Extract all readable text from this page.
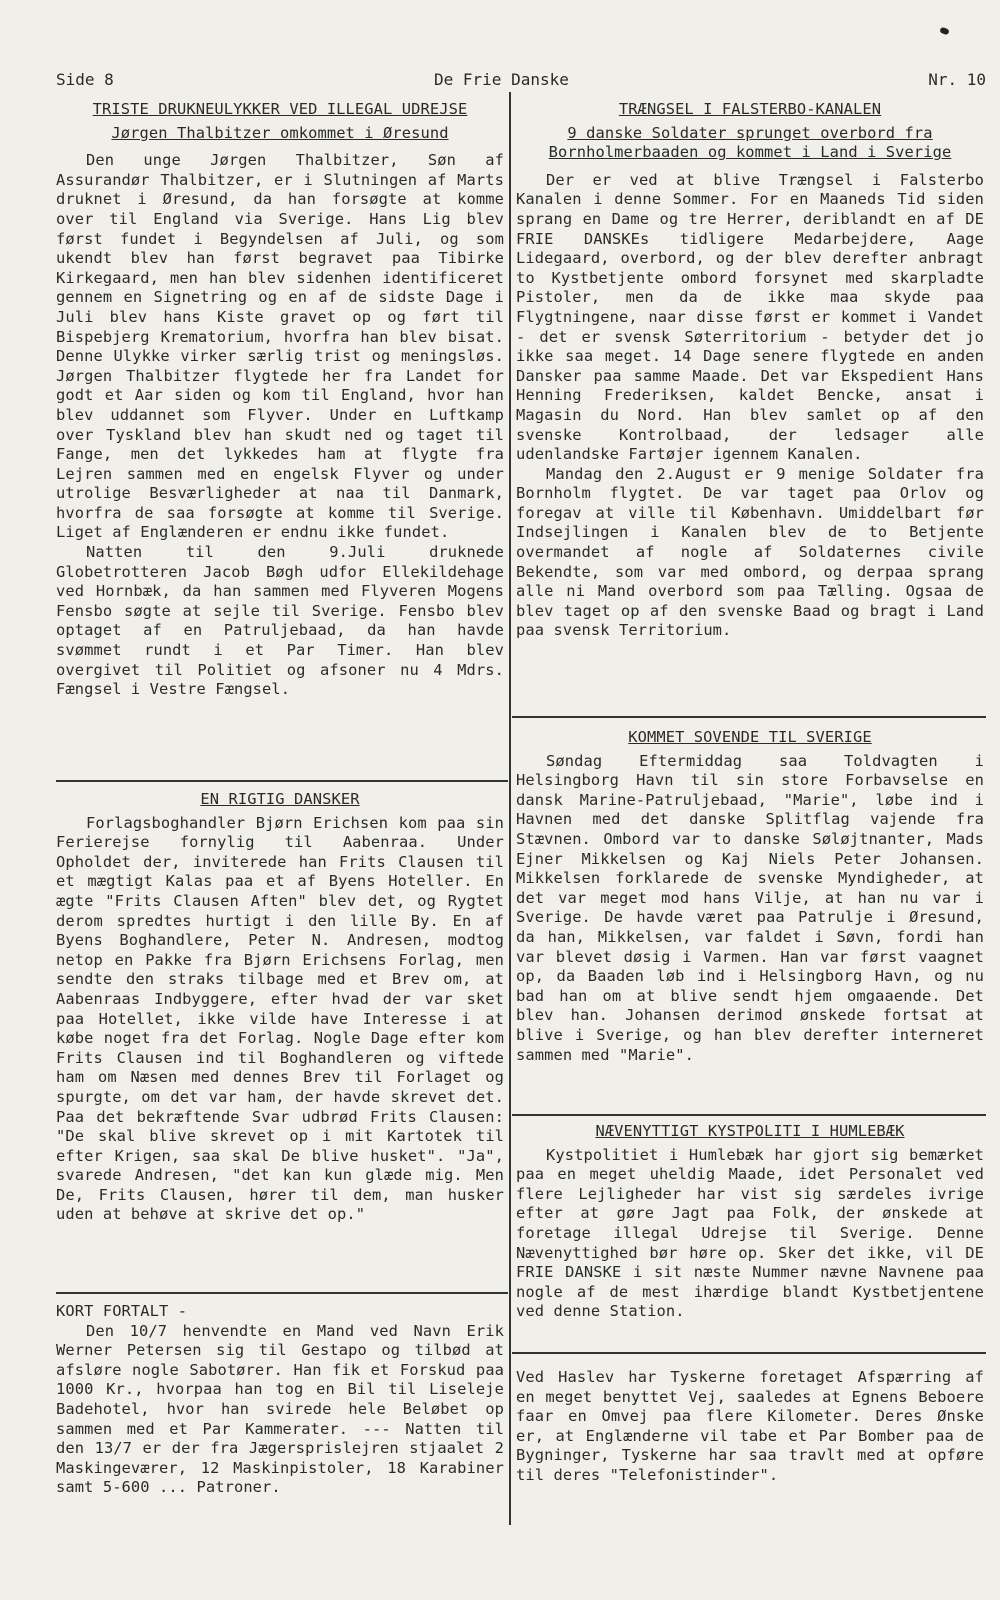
Side 8	De Frie Danske	Nr. 10
TRISTE DRUKNEULYKKER VED ILLEGAL UDREJSE
Jørgen Thalbitzer omkommet i Øresund

Den unge Jørgen Thalbitzer, Søn af Assurandør Thalbitzer, er i Slutningen af Marts druknet i Øresund, da han forsøgte at komme over til England via Sverige. Hans Lig blev først fundet i Begyndelsen af Juli, og som ukendt blev han først begravet paa Tibirke Kirkegaard, men han blev sidenhen identificeret gennem en Signetring og en af de sidste Dage i Juli blev hans Kiste gravet op og ført til Bispebjerg Krematorium, hvorfra han blev bisat. Denne Ulykke virker særlig trist og meningsløs. Jørgen Thalbitzer flygtede her fra Landet for godt et Aar siden og kom til England, hvor han blev uddannet som Flyver. Under en Luftkamp over Tyskland blev han skudt ned og taget til Fange, men det lykkedes ham at flygte fra Lejren sammen med en engelsk Flyver og under utrolige Besværligheder at naa til Danmark, hvorfra de saa forsøgte at komme til Sverige. Liget af Englænderen er endnu ikke fundet.

Natten til den 9.Juli druknede Globetrotteren Jacob Bøgh udfor Ellekildehage ved Hornbæk, da han sammen med Flyveren Mogens Fensbo søgte at sejle til Sverige. Fensbo blev optaget af en Patruljebaad, da han havde svømmet rundt i et Par Timer. Han blev overgivet til Politiet og afsoner nu 4 Mdrs. Fængsel i Vestre Fængsel.

EN RIGTIG DANSKER

Forlagsboghandler Bjørn Erichsen kom paa sin Ferierejse fornylig til Aabenraa. Under Opholdet der, inviterede han Frits Clausen til et mægtigt Kalas paa et af Byens Hoteller. En ægte "Frits Clausen Aften" blev det, og Rygtet derom spredtes hurtigt i den lille By. En af Byens Boghandlere, Peter N. Andresen, modtog netop en Pakke fra Bjørn Erichsens Forlag, men sendte den straks tilbage med et Brev om, at Aabenraas Indbyggere, efter hvad der var sket paa Hotellet, ikke vilde have Interesse i at købe noget fra det Forlag. Nogle Dage efter kom Frits Clausen ind til Boghandleren og viftede ham om Næsen med dennes Brev til Forlaget og spurgte, om det var ham, der havde skrevet det. Paa det bekræftende Svar udbrød Frits Clausen: "De skal blive skrevet op i mit Kartotek til efter Krigen, saa skal De blive husket". "Ja", svarede Andresen, "det kan kun glæde mig. Men De, Frits Clausen, hører til dem, man husker uden at behøve at skrive det op."

KORT FORTALT -

Den 10/7 henvendte en Mand ved Navn Erik Werner Petersen sig til Gestapo og tilbød at afsløre nogle Sabotører. Han fik et Forskud paa 1000 Kr., hvorpaa han tog en Bil til Liseleje Badehotel, hvor han svirede hele Beløbet op sammen med et Par Kammerater. --- Natten til den 13/7 er der fra Jægersprislejren stjaalet 2 Maskingeværer, 12 Maskinpistoler, 18 Karabiner samt 5-600 ... Patroner.

TRÆNGSEL I FALSTERBO-KANALEN
9 danske Soldater sprunget overbord fra Bornholmerbaaden og kommet i Land i Sverige

Der er ved at blive Trængsel i Falsterbo Kanalen i denne Sommer. For en Maaneds Tid siden sprang en Dame og tre Herrer, deriblandt en af DE FRIE DANSKEs tidligere Medarbejdere, Aage Lidegaard, overbord, og der blev derefter anbragt to Kystbetjente ombord forsynet med skarpladte Pistoler, men da de ikke maa skyde paa Flygtningene, naar disse først er kommet i Vandet - det er svensk Søterritorium - betyder det jo ikke saa meget. 14 Dage senere flygtede en anden Dansker paa samme Maade. Det var Ekspedient Hans Henning Frederiksen, kaldet Bencke, ansat i Magasin du Nord. Han blev samlet op af den svenske Kontrolbaad, der ledsager alle udenlandske Fartøjer igennem Kanalen.

Mandag den 2.August er 9 menige Soldater fra Bornholm flygtet. De var taget paa Orlov og foregav at ville til København. Umiddelbart før Indsejlingen i Kanalen blev de to Betjente overmandet af nogle af Soldaternes civile Bekendte, som var med ombord, og derpaa sprang alle ni Mand overbord som paa Tælling. Ogsaa de blev taget op af den svenske Baad og bragt i Land paa svensk Territorium.

KOMMET SOVENDE TIL SVERIGE

Søndag Eftermiddag saa Toldvagten i Helsingborg Havn til sin store Forbavselse en dansk Marine-Patruljebaad, "Marie", løbe ind i Havnen med det danske Splitflag vajende fra Stævnen. Ombord var to danske Søløjtnanter, Mads Ejner Mikkelsen og Kaj Niels Peter Johansen. Mikkelsen forklarede de svenske Myndigheder, at det var meget mod hans Vilje, at han nu var i Sverige. De havde været paa Patrulje i Øresund, da han, Mikkelsen, var faldet i Søvn, fordi han var blevet døsig i Varmen. Han var først vaagnet op, da Baaden løb ind i Helsingborg Havn, og nu bad han om at blive sendt hjem omgaaende. Det blev han. Johansen derimod ønskede fortsat at blive i Sverige, og han blev derefter interneret sammen med "Marie".

NÆVENYTTIGT KYSTPOLITI I HUMLEBÆK

Kystpolitiet i Humlebæk har gjort sig bemærket paa en meget uheldig Maade, idet Personalet ved flere Lejligheder har vist sig særdeles ivrige efter at gøre Jagt paa Folk, der ønskede at foretage illegal Udrejse til Sverige. Denne Nævenyttighed bør høre op. Sker det ikke, vil DE FRIE DANSKE i sit næste Nummer nævne Navnene paa nogle af de mest ihærdige blandt Kystbetjentene ved denne Station.

Ved Haslev har Tyskerne foretaget Afspærring af en meget benyttet Vej, saaledes at Egnens Beboere faar en Omvej paa flere Kilometer. Deres Ønske er, at Englænderne vil tabe et Par Bomber paa de Bygninger, Tyskerne har saa travlt med at opføre til deres "Telefonistinder".
